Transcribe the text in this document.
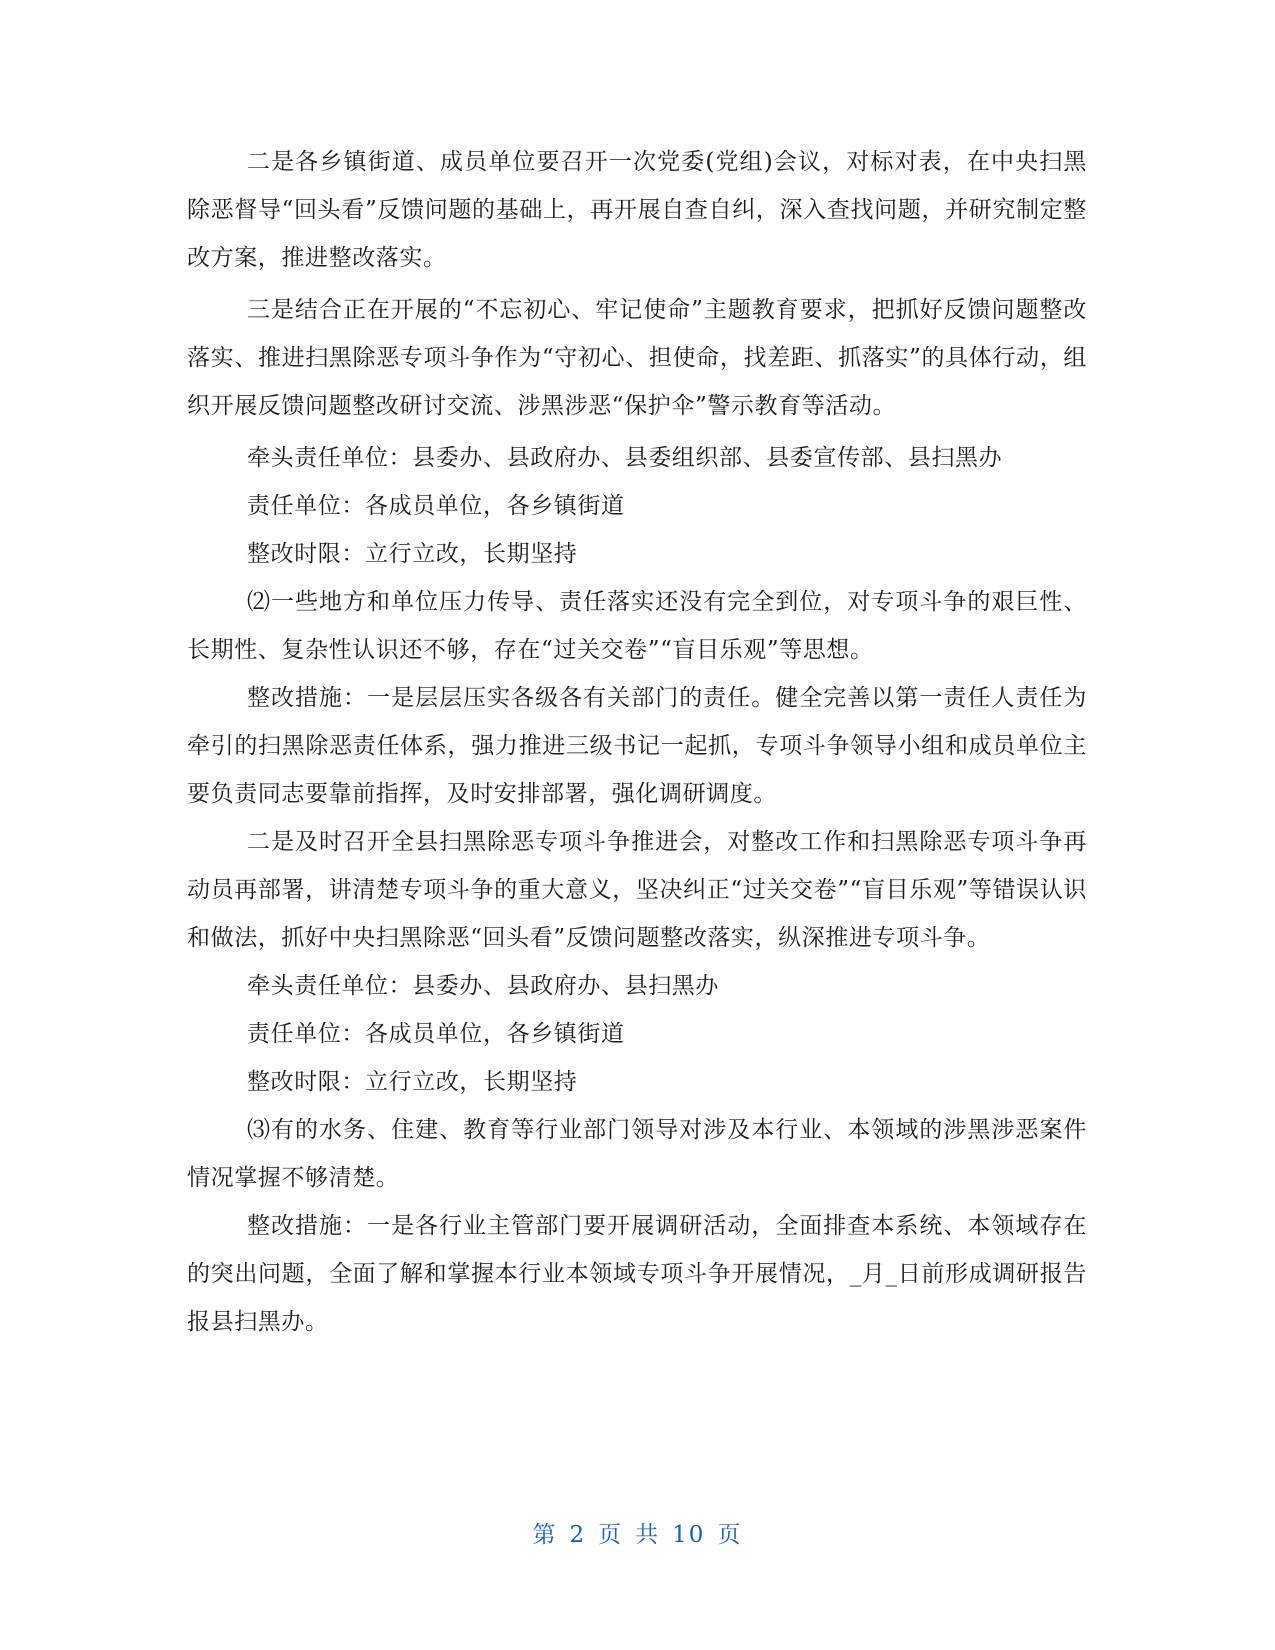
二是各乡镇街道、成员单位要召开一次党委(党组)会议，对标对表，在中央扫黑除恶督导“回头看”反馈问题的基础上，再开展自查自纠，深入查找问题，并研究制定整改方案，推进整改落实。

三是结合正在开展的“不忘初心、牢记使命”主题教育要求，把抓好反馈问题整改落实、推进扫黑除恶专项斗争作为“守初心、担使命，找差距、抓落实”的具体行动，组织开展反馈问题整改研讨交流、涉黑涉恶“保护伞”警示教育等活动。

牵头责任单位：县委办、县政府办、县委组织部、县委宣传部、县扫黑办

责任单位：各成员单位，各乡镇街道

整改时限：立行立改，长期坚持

⑵一些地方和单位压力传导、责任落实还没有完全到位，对专项斗争的艰巨性、长期性、复杂性认识还不够，存在“过关交卷”“盲目乐观”等思想。

整改措施：一是层层压实各级各有关部门的责任。健全完善以第一责任人责任为牵引的扫黑除恶责任体系，强力推进三级书记一起抓，专项斗争领导小组和成员单位主要负责同志要靠前指挥，及时安排部署，强化调研调度。

二是及时召开全县扫黑除恶专项斗争推进会，对整改工作和扫黑除恶专项斗争再动员再部署，讲清楚专项斗争的重大意义，坚决纠正“过关交卷”“盲目乐观”等错误认识和做法，抓好中央扫黑除恶“回头看”反馈问题整改落实，纵深推进专项斗争。

牵头责任单位：县委办、县政府办、县扫黑办

责任单位：各成员单位，各乡镇街道

整改时限：立行立改，长期坚持

⑶有的水务、住建、教育等行业部门领导对涉及本行业、本领域的涉黑涉恶案件情况掌握不够清楚。

整改措施：一是各行业主管部门要开展调研活动，全面排查本系统、本领域存在的突出问题，全面了解和掌握本行业本领域专项斗争开展情况，_月_日前形成调研报告报县扫黑办。

第 2 页 共 10 页
